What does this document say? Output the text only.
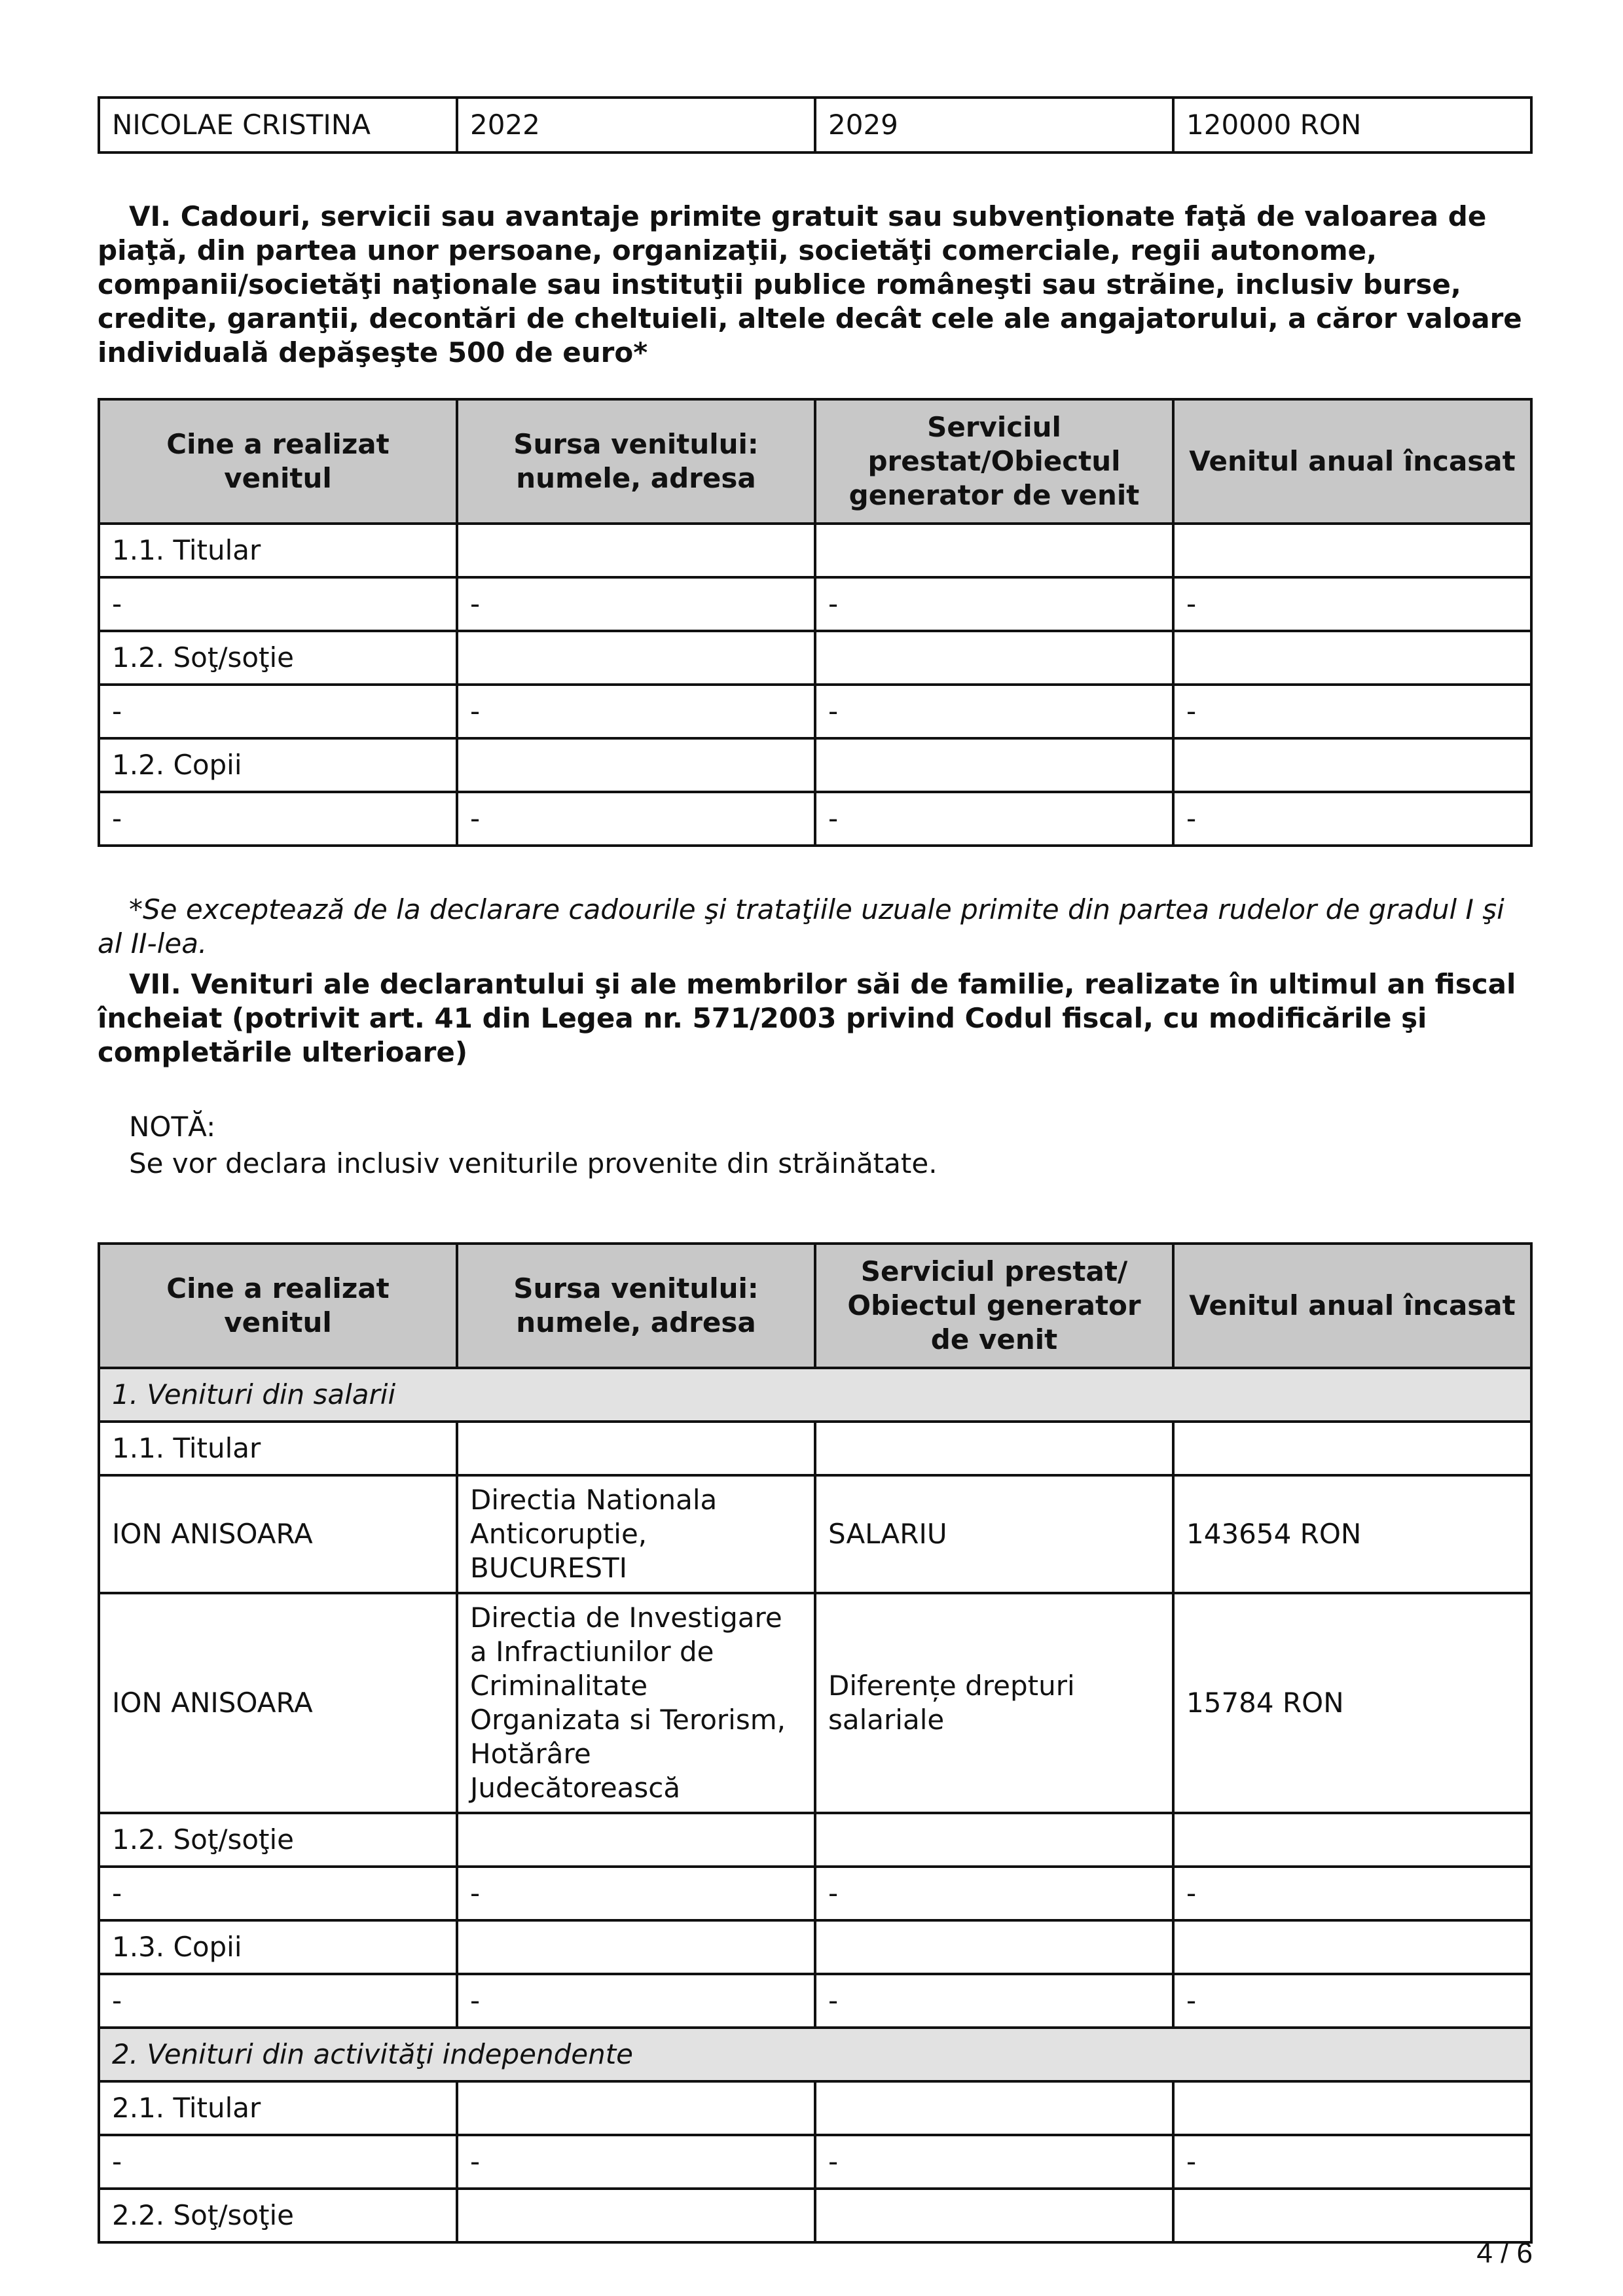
NICOLAE CRISTINA	2022	2029	120000 RON

VI. Cadouri, servicii sau avantaje primite gratuit sau subvenţionate faţă de valoarea de piaţă, din partea unor persoane, organizaţii, societăţi comerciale, regii autonome, companii/societăţi naţionale sau instituţii publice româneşti sau străine, inclusiv burse, credite, garanţii, decontări de cheltuieli, altele decât cele ale angajatorului, a căror valoare individuală depăşeşte 500 de euro*

Cine a realizat venitul	Sursa venitului: numele, adresa	Serviciul prestat/Obiectul generator de venit	Venitul anual încasat
1.1. Titular			
-	-	-	-
1.2. Soţ/soţie			
-	-	-	-
1.2. Copii			
-	-	-	-

*Se exceptează de la declarare cadourile şi trataţiile uzuale primite din partea rudelor de gradul I şi al II-lea.

VII. Venituri ale declarantului şi ale membrilor săi de familie, realizate în ultimul an fiscal încheiat (potrivit art. 41 din Legea nr. 571/2003 privind Codul fiscal, cu modificările şi completările ulterioare)

NOTĂ:

Se vor declara inclusiv veniturile provenite din străinătate.

Cine a realizat venitul	Sursa venitului: numele, adresa	Serviciul prestat/ Obiectul generator de venit	Venitul anual încasat
1. Venituri din salarii			
1.1. Titular			
ION ANISOARA	Directia Nationala Anticoruptie, BUCURESTI	SALARIU	143654 RON
ION ANISOARA	Directia de Investigare a Infractiunilor de Criminalitate Organizata si Terorism, Hotărâre Judecătorească	Diferențe drepturi salariale	15784 RON
1.2. Soţ/soţie			
-	-	-	-
1.3. Copii			
-	-	-	-
2. Venituri din activităţi independente			
2.1. Titular			
-	-	-	-
2.2. Soţ/soţie			
4 / 6
